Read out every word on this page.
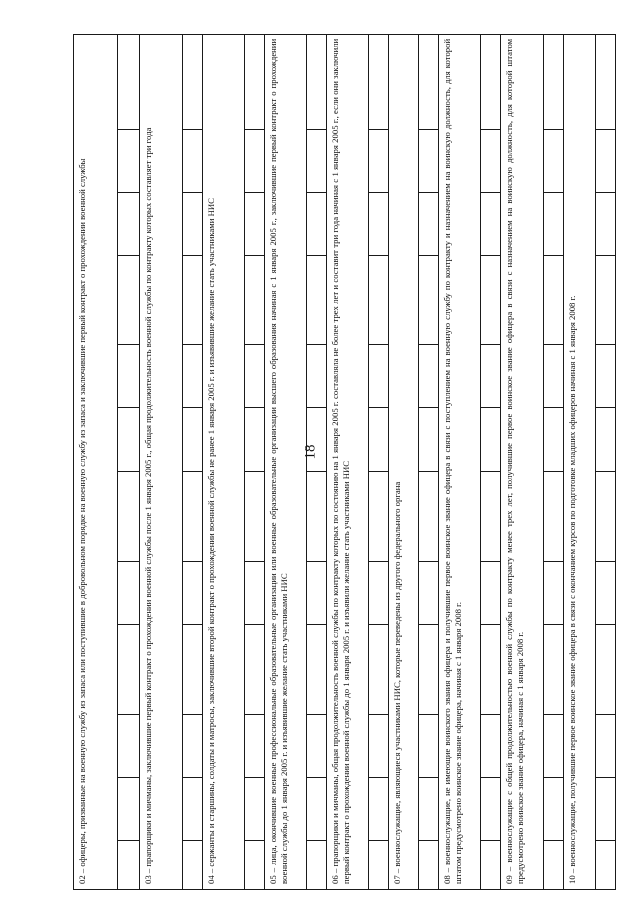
18
02 – офицеры, призванные на военную службу из запаса или поступившие в добровольном порядке на военную службу из запаса и заключившие первый контракт о прохождении военной службы											

03 – прапорщики и мичманы, заключившие первый контракт о прохождении военной службы после 1 января 2005 г., общая продолжительность военной службы по контракту которых составляет три года											

04 – сержанты и старшины, солдаты и матросы, заключившие второй контракт о прохождении военной службы не ранее 1 января 2005 г. и изъявившие желание стать участниками НИС											

05 – лица, окончившие военные профессиональные образовательные организации или военные образовательные организации высшего образования начиная с 1 января 2005 г., заключившие первый контракт о прохождении военной службы до 1 января 2005 г. и изъявившие желание стать участниками НИС											

06 – прапорщики и мичманы, общая продолжительность военной службы по контракту которых по состоянию на 1 января 2005 г. составляла не более трех лет и составит три года начиная с 1 января 2005 г., если они заключили первый контракт о прохождении военной службы до 1 января 2005 г. и изъявили желание стать участниками НИС											

07 – военнослужащие, являющиеся участниками НИС, которые переведены из другого федерального органа											

08 – военнослужащие, не имеющие воинского звания офицера и получившие первое воинское звание офицера в связи с поступлением на военную службу по контракту и назначением на воинскую должность, для которой штатом предусмотрено воинское звание офицера, начиная с 1 января 2008 г.											

09 – военнослужащие с общей продолжительностью военной службы по контракту менее трех лет, получившие первое воинское звание офицера в связи с назначением на воинскую должность, для которой штатом предусмотрено воинское звание офицера, начиная с 1 января 2008 г.											

10 – военнослужащие, получившие первое воинское звание офицера в связи с окончанием курсов по подготовке младших офицеров начиная с 1 января 2008 г.											
